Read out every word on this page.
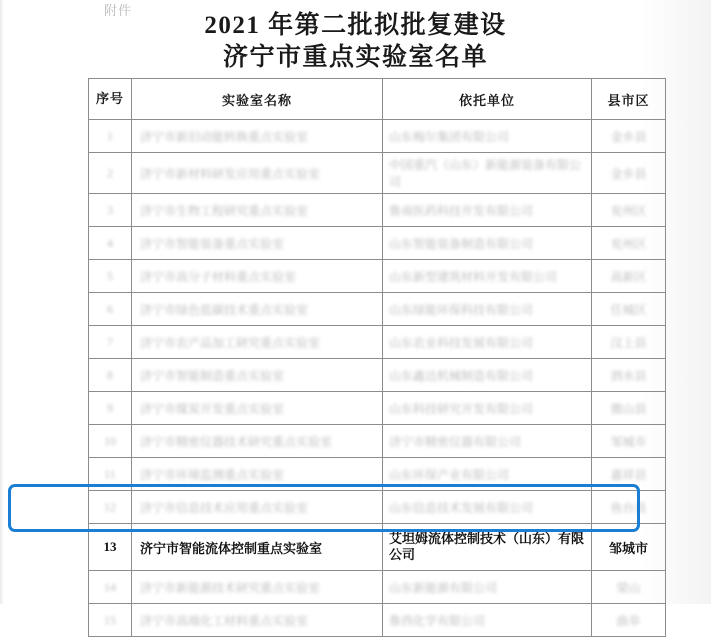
附件
2021 年第二批拟批复建设
济宁市重点实验室名单
序号	实验室名称	依托单位	县市区
1	济宁市新旧动能转换重点实验室	山东梅尔集团有限公司	金乡县
2	济宁市新材料研发应用重点实验室	中国重汽（山东）新能源装备有限公司	金乡县
3	济宁市生物工程研究重点实验室	鲁南医药科技开发有限公司	兖州区
4	济宁市智能装备重点实验室	山东智能装备制造有限公司	兖州区
5	济宁市高分子材料重点实验室	山东新型建筑材料开发有限公司	高新区
6	济宁市绿色低碳技术重点实验室	山东绿能环保科技有限公司	任城区
7	济宁市农产品加工研究重点实验室	山东农业科技发展有限公司	汶上县
8	济宁市智能制造重点实验室	山东鑫达机械制造有限公司	泗水县
9	济宁市煤炭开发重点实验室	山东科技研究开发有限公司	微山县
10	济宁市精密仪器技术研究重点实验室	济宁市精密仪器有限公司	邹城市
11	济宁市环境监测重点实验室	山东环保产业有限公司	嘉祥县
12	济宁市信息技术应用重点实验室	山东信息技术发展有限公司	鱼台县
13	济宁市智能流体控制重点实验室	艾坦姆流体控制技术（山东）有限公司	邹城市
14	济宁市新能源技术研究重点实验室	山东新能源有限公司	梁山
15	济宁市高端化工材料重点实验室	鲁西化学有限公司	曲阜
